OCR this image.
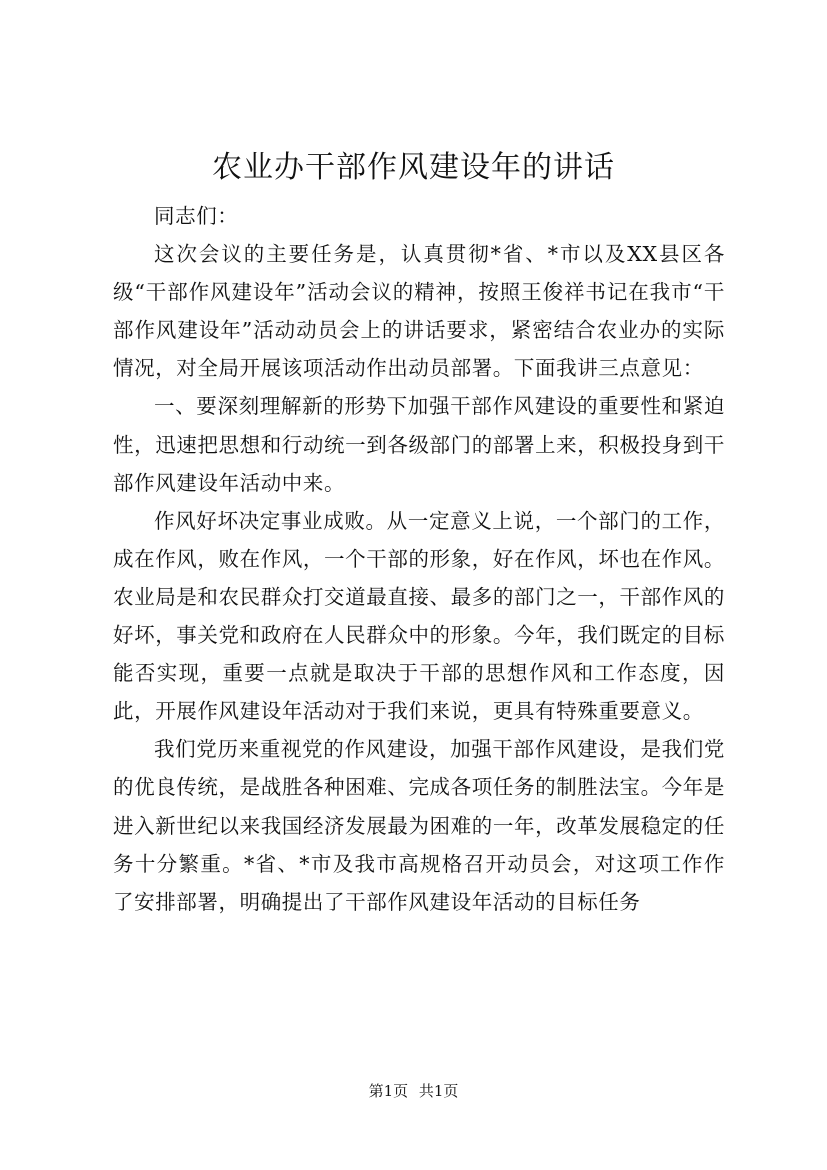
农业办干部作风建设年的讲话

同志们：

这次会议的主要任务是，认真贯彻*省、*市以及XX县区各级“干部作风建设年”活动会议的精神，按照王俊祥书记在我市“干部作风建设年”活动动员会上的讲话要求，紧密结合农业办的实际情况，对全局开展该项活动作出动员部署。下面我讲三点意见：

一、要深刻理解新的形势下加强干部作风建设的重要性和紧迫性，迅速把思想和行动统一到各级部门的部署上来，积极投身到干部作风建设年活动中来。

作风好坏决定事业成败。从一定意义上说，一个部门的工作，成在作风，败在作风，一个干部的形象，好在作风，坏也在作风。农业局是和农民群众打交道最直接、最多的部门之一，干部作风的好坏，事关党和政府在人民群众中的形象。今年，我们既定的目标能否实现，重要一点就是取决于干部的思想作风和工作态度，因此，开展作风建设年活动对于我们来说，更具有特殊重要意义。

我们党历来重视党的作风建设，加强干部作风建设，是我们党的优良传统，是战胜各种困难、完成各项任务的制胜法宝。今年是进入新世纪以来我国经济发展最为困难的一年，改革发展稳定的任务十分繁重。*省、*市及我市高规格召开动员会，对这项工作作了安排部署，明确提出了干部作风建设年活动的目标任务

第1页 共1页
